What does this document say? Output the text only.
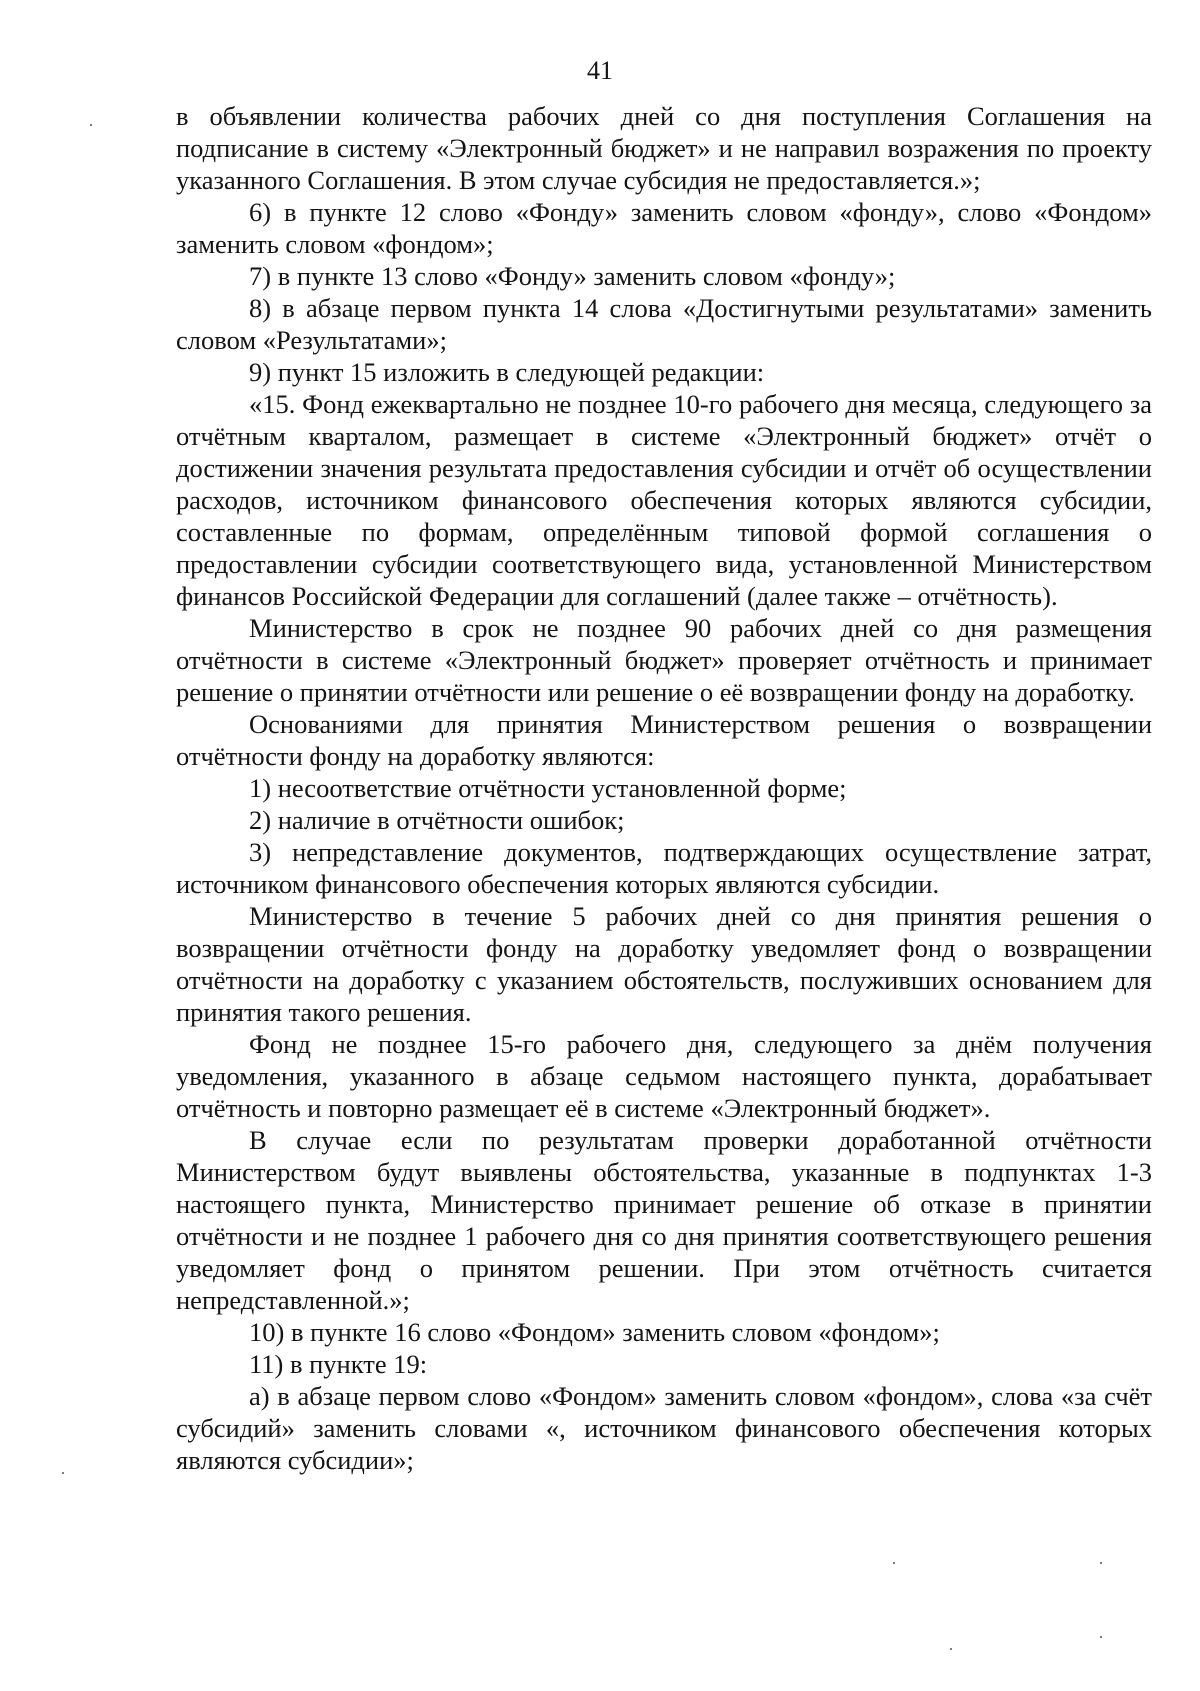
41

в объявлении количества рабочих дней со дня поступления Соглашения на подписание в систему «Электронный бюджет» и не направил возражения по проекту указанного Соглашения. В этом случае субсидия не предоставляется.»;

6) в пункте 12 слово «Фонду» заменить словом «фонду», слово «Фондом» заменить словом «фондом»;

7) в пункте 13 слово «Фонду» заменить словом «фонду»;

8) в абзаце первом пункта 14 слова «Достигнутыми результатами» заменить словом «Результатами»;

9) пункт 15 изложить в следующей редакции:

«15. Фонд ежеквартально не позднее 10-го рабочего дня месяца, следующего за отчётным кварталом, размещает в системе «Электронный бюджет» отчёт о достижении значения результата предоставления субсидии и отчёт об осуществлении расходов, источником финансового обеспечения которых являются субсидии, составленные по формам, определённым типовой формой соглашения о предоставлении субсидии соответствующего вида, установленной Министерством финансов Российской Федерации для соглашений (далее также – отчётность).

Министерство в срок не позднее 90 рабочих дней со дня размещения отчётности в системе «Электронный бюджет» проверяет отчётность и принимает решение о принятии отчётности или решение о её возвращении фонду на доработку.

Основаниями для принятия Министерством решения о возвращении отчётности фонду на доработку являются:

1) несоответствие отчётности установленной форме;

2) наличие в отчётности ошибок;

3) непредставление документов, подтверждающих осуществление затрат, источником финансового обеспечения которых являются субсидии.

Министерство в течение 5 рабочих дней со дня принятия решения о возвращении отчётности фонду на доработку уведомляет фонд о возвращении отчётности на доработку с указанием обстоятельств, послуживших основанием для принятия такого решения.

Фонд не позднее 15-го рабочего дня, следующего за днём получения уведомления, указанного в абзаце седьмом настоящего пункта, дорабатывает отчётность и повторно размещает её в системе «Электронный бюджет».

В случае если по результатам проверки доработанной отчётности Министерством будут выявлены обстоятельства, указанные в подпунктах 1-3 настоящего пункта, Министерство принимает решение об отказе в принятии отчётности и не позднее 1 рабочего дня со дня принятия соответствующего решения уведомляет фонд о принятом решении. При этом отчётность считается непредставленной.»;

10) в пункте 16 слово «Фондом» заменить словом «фондом»;

11) в пункте 19:

а) в абзаце первом слово «Фондом» заменить словом «фондом», слова «за счёт субсидий» заменить словами «, источником финансового обеспечения которых являются субсидии»;
